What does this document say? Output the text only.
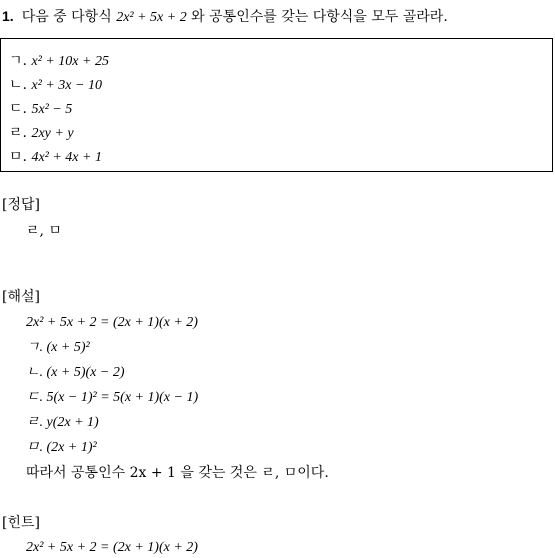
1. 다음 중 다항식 2x² + 5x + 2 와 공통인수를 갖는 다항식을 모두 골라라.
ㄱ. x² + 10x + 25
ㄴ. x² + 3x − 10
ㄷ. 5x² − 5
ㄹ. 2xy + y
ㅁ. 4x² + 4x + 1
[정답]
ㄹ, ㅁ
[해설]
2x² + 5x + 2 = (2x + 1)(x + 2)
ㄱ. (x + 5)²
ㄴ. (x + 5)(x − 2)
ㄷ. 5(x − 1)² = 5(x + 1)(x − 1)
ㄹ. y(2x + 1)
ㅁ. (2x + 1)²
따라서 공통인수 2x + 1 을 갖는 것은 ㄹ, ㅁ이다.
[힌트]
2x² + 5x + 2 = (2x + 1)(x + 2)
